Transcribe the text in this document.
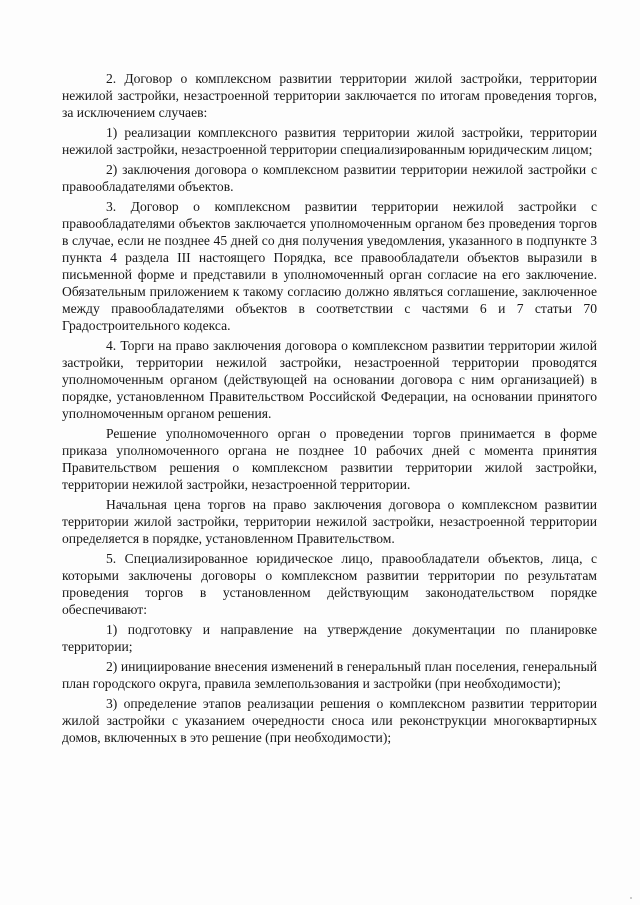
2. Договор о комплексном развитии территории жилой застройки, территории нежилой застройки, незастроенной территории заключается по итогам проведения торгов, за исключением случаев:

1) реализации комплексного развития территории жилой застройки, территории нежилой застройки, незастроенной территории специализированным юридическим лицом;

2) заключения договора о комплексном развитии территории нежилой застройки с правообладателями объектов.

3. Договор о комплексном развитии территории нежилой застройки с правообладателями объектов заключается уполномоченным органом без проведения торгов в случае, если не позднее 45 дней со дня получения уведомления, указанного в подпункте 3 пункта 4 раздела III настоящего Порядка, все правообладатели объектов выразили в письменной форме и представили в уполномоченный орган согласие на его заключение. Обязательным приложением к такому согласию должно являться соглашение, заключенное между правообладателями объектов в соответствии с частями 6 и 7 статьи 70 Градостроительного кодекса.

4. Торги на право заключения договора о комплексном развитии территории жилой застройки, территории нежилой застройки, незастроенной территории проводятся уполномоченным органом (действующей на основании договора с ним организацией) в порядке, установленном Правительством Российской Федерации, на основании принятого уполномоченным органом решения.

Решение уполномоченного орган о проведении торгов принимается в форме приказа уполномоченного органа не позднее 10 рабочих дней с момента принятия Правительством решения о комплексном развитии территории жилой застройки, территории нежилой застройки, незастроенной территории.

Начальная цена торгов на право заключения договора о комплексном развитии территории жилой застройки, территории нежилой застройки, незастроенной территории определяется в порядке, установленном Правительством.

5. Специализированное юридическое лицо, правообладатели объектов, лица, с которыми заключены договоры о комплексном развитии территории по результатам проведения торгов в установленном действующим законодательством порядке обеспечивают:

1) подготовку и направление на утверждение документации по планировке территории;

2) инициирование внесения изменений в генеральный план поселения, генеральный план городского округа, правила землепользования и застройки (при необходимости);

3) определение этапов реализации решения о комплексном развитии территории жилой застройки с указанием очередности сноса или реконструкции многоквартирных домов, включенных в это решение (при необходимости);
